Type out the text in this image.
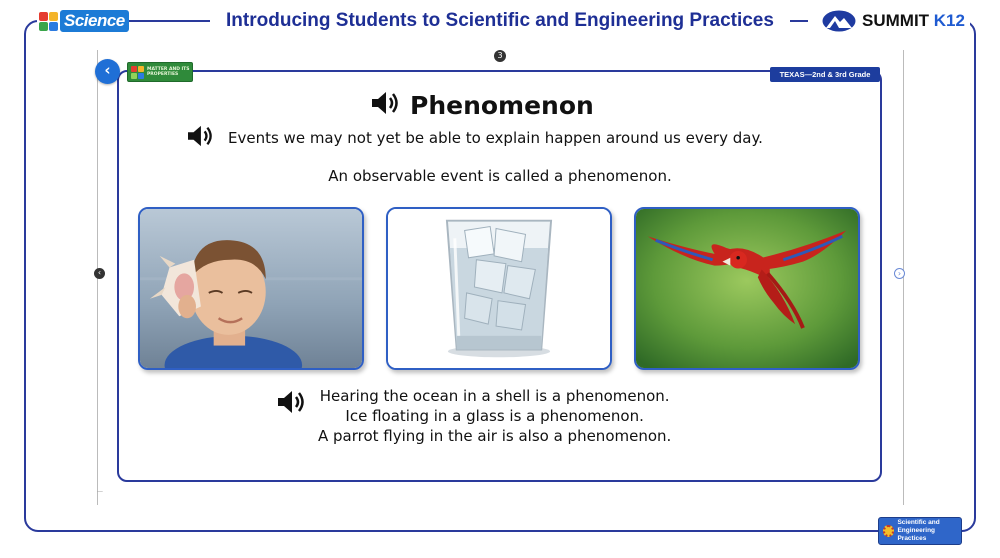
Science	Introducing Students to Scientific and Engineering Practices	SUMMIT K12
3
—
‹	MATTER AND ITS PROPERTIES	TEXAS—2nd & 3rd Grade
Phenomenon
Events we may not yet be able to explain happen around us every day.
An observable event is called a phenomenon.
Hearing the ocean in a shell is a phenomenon.
Ice floating in a glass is a phenomenon.
A parrot flying in the air is also a phenomenon.
‹	›
Scientific and
Engineering Practices
